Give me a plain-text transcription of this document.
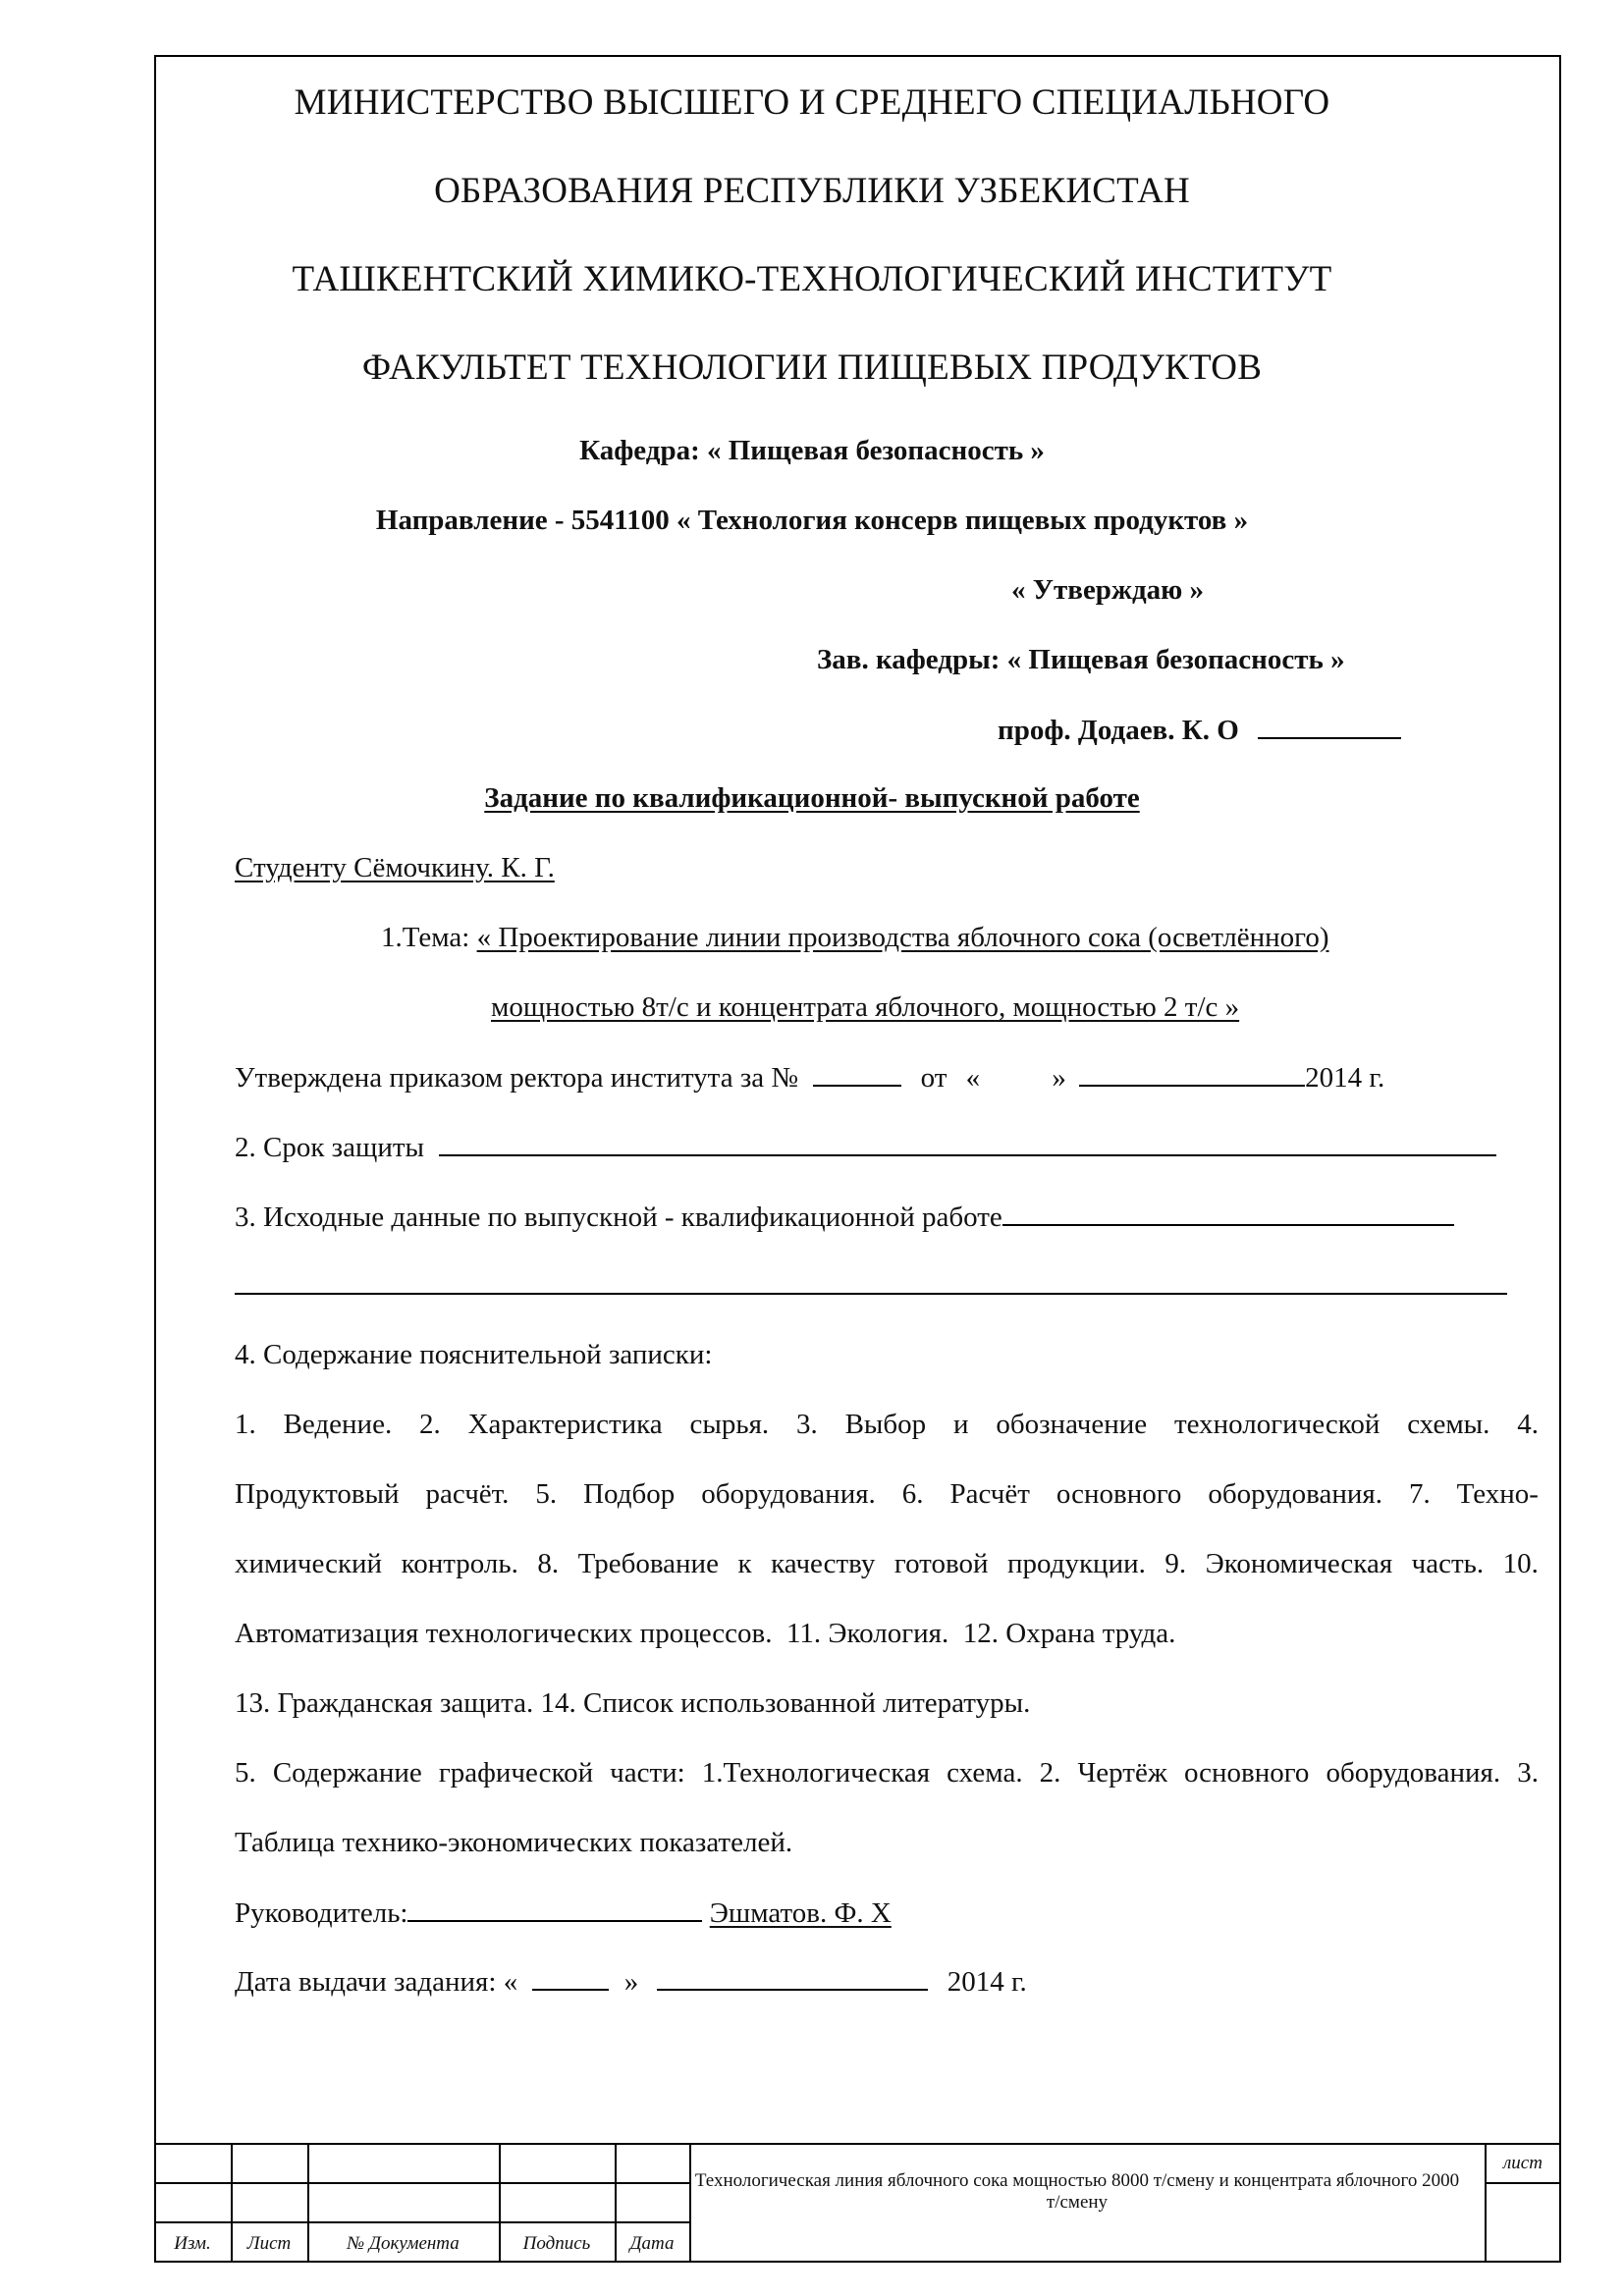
МИНИСТЕРСТВО ВЫСШЕГО И СРЕДНЕГО СПЕЦИАЛЬНОГО
ОБРАЗОВАНИЯ РЕСПУБЛИКИ УЗБЕКИСТАН
ТАШКЕНТСКИЙ ХИМИКО-ТЕХНОЛОГИЧЕСКИЙ ИНСТИТУТ
ФАКУЛЬТЕТ ТЕХНОЛОГИИ ПИЩЕВЫХ ПРОДУКТОВ
Кафедра: « Пищевая безопасность »
Направление - 5541100 « Технология консерв пищевых продуктов »
« Утверждаю »
Зав. кафедры: « Пищевая безопасность »
проф. Додаев. К. О
Задание по квалификационной- выпускной работе
Студенту Сёмочкину. К. Г.
1.Тема: « Проектирование линии производства яблочного сока (осветлённого)
мощностью 8т/с и концентрата яблочного, мощностью 2 т/с »
Утверждена приказом ректора института за №	от «	»	2014 г.
2. Срок защиты
3. Исходные данные по выпускной - квалификационной работе
4. Содержание пояснительной записки:
1. Ведение. 2. Характеристика сырья. 3. Выбор и обозначение технологической схемы. 4.
Продуктовый расчёт. 5. Подбор оборудования. 6. Расчёт основного оборудования. 7. Техно-
химический контроль. 8. Требование к качеству готовой продукции. 9. Экономическая часть. 10.
Автоматизация технологических процессов.  11. Экология.  12. Охрана труда.
13. Гражданская защита. 14. Список использованной литературы.
5. Содержание графической части: 1.Технологическая схема. 2. Чертёж основного оборудования. 3.
Таблица технико-экономических показателей.
Руководитель:	Эшматов. Ф. Х
Дата выдачи задания: «	»	2014 г.
Изм.	Лист	№ Документа	Подпись	Дата
лист
Технологическая линия яблочного сока мощностью 8000 т/смену и концентрата яблочного 2000 т/смену
